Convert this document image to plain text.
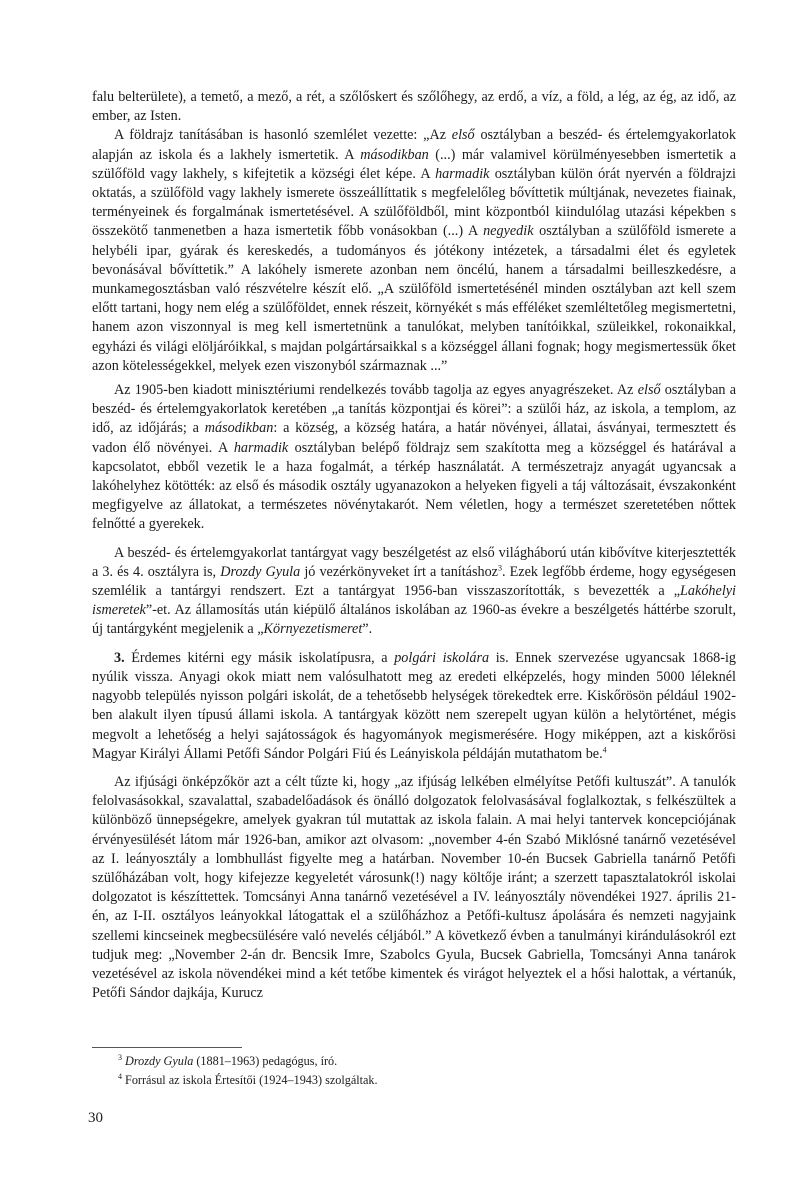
falu belterülete), a temető, a mező, a rét, a szőlőskert és szőlőhegy, az erdő, a víz, a föld, a lég, az ég, az idő, az ember, az Isten.

A földrajz tanításában is hasonló szemlélet vezette: „Az első osztályban a beszéd- és értelemgyakorlatok alapján az iskola és a lakhely ismertetik. A másodikban (...) már valamivel körülményesebben ismertetik a szülőföld vagy lakhely, s kifejtetik a községi élet képe. A harmadik osztályban külön órát nyervén a földrajzi oktatás, a szülőföld vagy lakhely ismerete összeállíttatik s megfelelőleg bővíttetik múltjának, nevezetes fiainak, terményeinek és forgalmának ismertetésével. A szülőföldből, mint központból kiindulólag utazási képekben s összekötő tanmenetben a haza ismertetik főbb vonásokban (...) A negyedik osztályban a szülőföld ismerete a helybéli ipar, gyárak és kereskedés, a tudományos és jótékony intézetek, a társadalmi élet és egyletek bevonásával bővíttetik.” A lakóhely ismerete azonban nem öncélú, hanem a társadalmi beilleszkedésre, a munkamegosztásban való részvételre készít elő. „A szülőföld ismertetésénél minden osztályban azt kell szem előtt tartani, hogy nem elég a szülőföldet, ennek részeit, környékét s más efféléket szemléltetőleg megismertetni, hanem azon viszonnyal is meg kell ismertetnünk a tanulókat, melyben tanítóikkal, szüleikkel, rokonaikkal, egyházi és világi elöljáróikkal, s majdan polgártársaikkal s a községgel állani fognak; hogy megismertessük őket azon kötelességekkel, melyek ezen viszonyból származnak ...”

Az 1905-ben kiadott minisztériumi rendelkezés tovább tagolja az egyes anyagrészeket. Az első osztályban a beszéd- és értelemgyakorlatok keretében „a tanítás központjai és körei”: a szülői ház, az iskola, a templom, az idő, az időjárás; a másodikban: a község, a község határa, a határ növényei, állatai, ásványai, termesztett és vadon élő növényei. A harmadik osztályban belépő földrajz sem szakította meg a községgel és határával a kapcsolatot, ebből vezetik le a haza fogalmát, a térkép használatát. A természetrajz anyagát ugyancsak a lakóhelyhez kötötték: az első és második osztály ugyanazokon a helyeken figyeli a táj változásait, évszakonként megfigyelve az állatokat, a természetes növénytakarót. Nem véletlen, hogy a természet szeretetében nőttek felnőtté a gyerekek.

A beszéd- és értelemgyakorlat tantárgyat vagy beszélgetést az első világháború után kibővítve kiterjesztették a 3. és 4. osztályra is, Drozdy Gyula jó vezérkönyveket írt a tanításhoz$^3$. Ezek legfőbb érdeme, hogy egységesen szemlélik a tantárgyi rendszert. Ezt a tantárgyat 1956-ban visszaszorították, s bevezették a „Lakóhelyi ismeretek”-et. Az államosítás után kiépülő általános iskolában az 1960-as évekre a beszélgetés háttérbe szorult, új tantárgyként megjelenik a „Környezetismeret”.

3. Érdemes kitérni egy másik iskolatípusra, a polgári iskolára is. Ennek szervezése ugyancsak 1868-ig nyúlik vissza. Anyagi okok miatt nem valósulhatott meg az eredeti elképzelés, hogy minden 5000 léleknél nagyobb település nyisson polgári iskolát, de a tehetősebb helységek törekedtek erre. Kiskőrösön például 1902-ben alakult ilyen típusú állami iskola. A tantárgyak között nem szerepelt ugyan külön a helytörténet, mégis megvolt a lehetőség a helyi sajátosságok és hagyományok megismerésére. Hogy miképpen, azt a kiskőrösi Magyar Királyi Állami Petőfi Sándor Polgári Fiú és Leányiskola példáján mutathatom be.$^4$

Az ifjúsági önképzőkör azt a célt tűzte ki, hogy „az ifjúság lelkében elmélyítse Petőfi kultuszát”. A tanulók felolvasásokkal, szavalattal, szabadelőadások és önálló dolgozatok felolvasásával foglalkoztak, s felkészültek a különböző ünnepségekre, amelyek gyakran túl mutattak az iskola falain. A mai helyi tantervek koncepciójának érvényesülését látom már 1926-ban, amikor azt olvasom: „november 4-én Szabó Miklósné tanárnő vezetésével az I. leányosztály a lombhullást figyelte meg a határban. November 10-én Bucsek Gabriella tanárnő Petőfi szülőházában volt, hogy kifejezze kegyeletét városunk(!) nagy költője iránt; a szerzett tapasztalatokról iskolai dolgozatot is készíttettek. Tomcsányi Anna tanárnő vezetésével a IV. leányosztály növendékei 1927. április 21-én, az I-II. osztályos leányokkal látogattak el a szülőházhoz a Petőfi-kultusz ápolására és nemzeti nagyjaink szellemi kincseinek megbecsülésére való nevelés céljából.” A következő évben a tanulmányi kirándulásokról ezt tudjuk meg: „November 2-án dr. Bencsik Imre, Szabolcs Gyula, Bucsek Gabriella, Tomcsányi Anna tanárok vezetésével az iskola növendékei mind a két tetőbe kimentek és virágot helyeztek el a hősi halottak, a vértanúk, Petőfi Sándor dajkája, Kurucz

$^3$ Drozdy Gyula (1881–1963) pedagógus, író.
$^4$ Forrásul az iskola Értesítői (1924–1943) szolgáltak.
30
